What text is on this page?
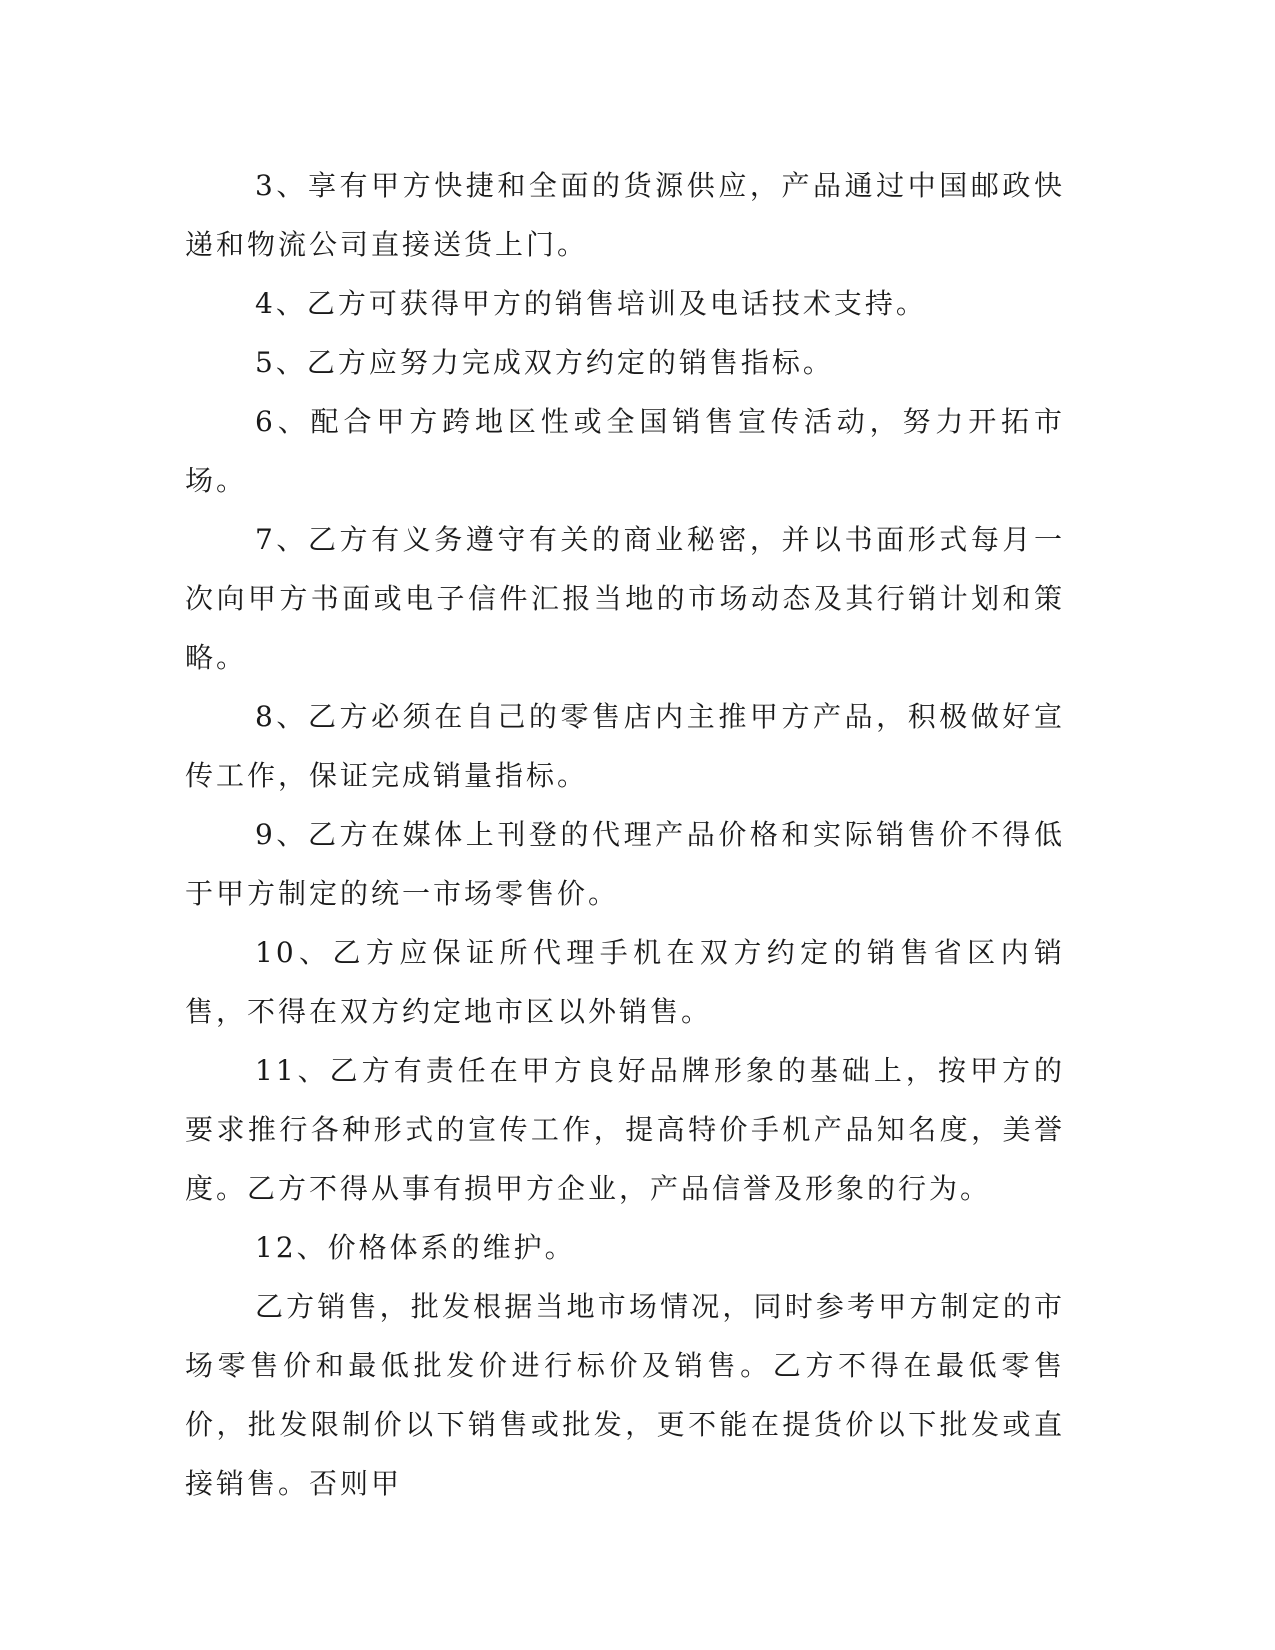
3、享有甲方快捷和全面的货源供应，产品通过中国邮政快递和物流公司直接送货上门。

4、乙方可获得甲方的销售培训及电话技术支持。

5、乙方应努力完成双方约定的销售指标。

6、配合甲方跨地区性或全国销售宣传活动，努力开拓市场。

7、乙方有义务遵守有关的商业秘密，并以书面形式每月一次向甲方书面或电子信件汇报当地的市场动态及其行销计划和策略。

8、乙方必须在自己的零售店内主推甲方产品，积极做好宣传工作，保证完成销量指标。

9、乙方在媒体上刊登的代理产品价格和实际销售价不得低于甲方制定的统一市场零售价。

10、乙方应保证所代理手机在双方约定的销售省区内销售，不得在双方约定地市区以外销售。

11、乙方有责任在甲方良好品牌形象的基础上，按甲方的要求推行各种形式的宣传工作，提高特价手机产品知名度，美誉度。乙方不得从事有损甲方企业，产品信誉及形象的行为。

12、价格体系的维护。

乙方销售，批发根据当地市场情况，同时参考甲方制定的市场零售价和最低批发价进行标价及销售。乙方不得在最低零售价，批发限制价以下销售或批发，更不能在提货价以下批发或直接销售。否则甲
